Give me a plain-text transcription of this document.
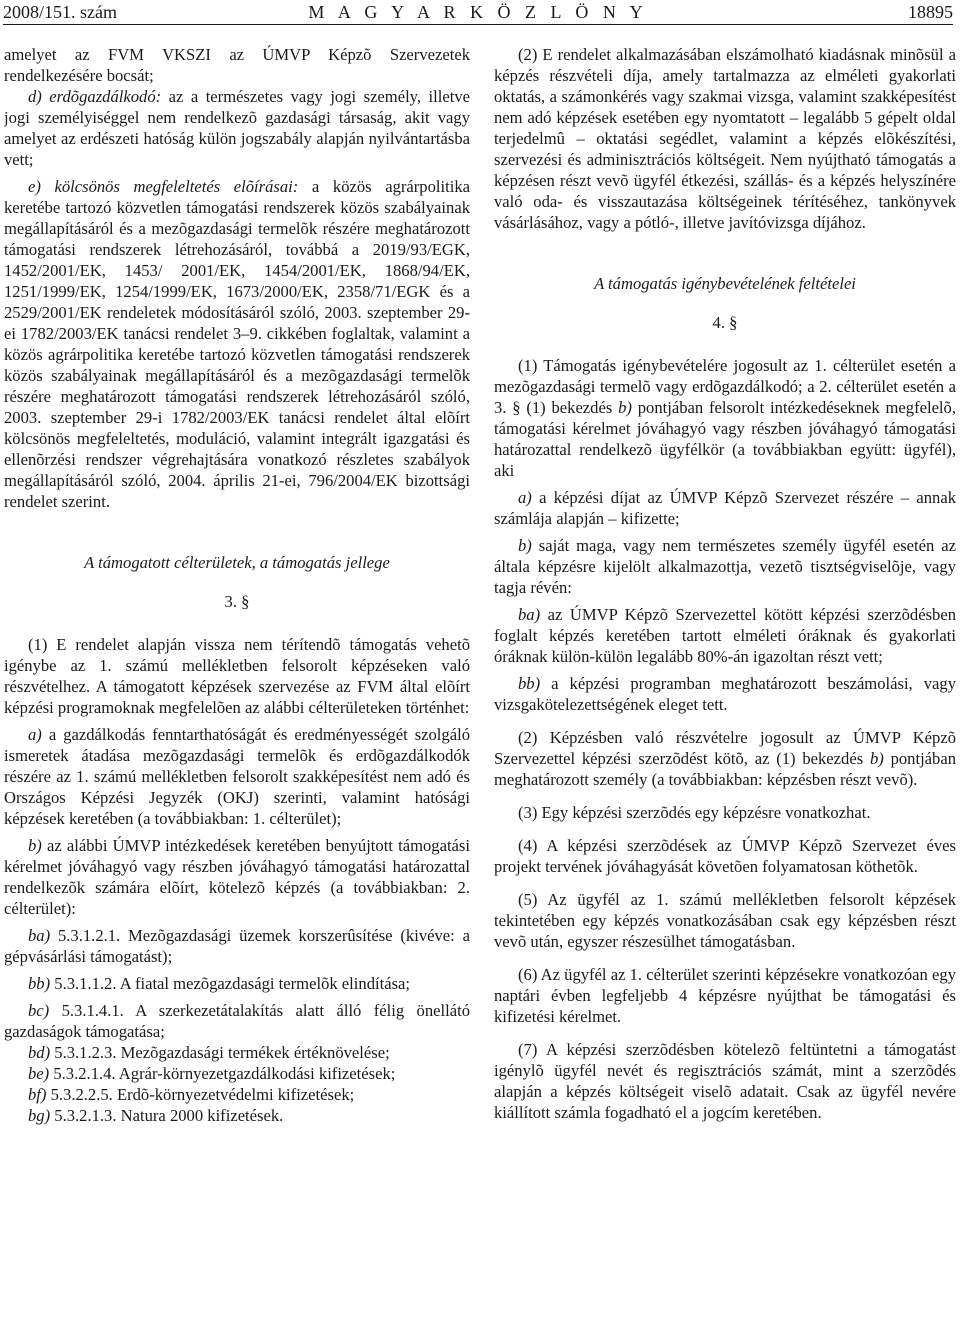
2008/151. szám	M A G Y A R K Ö Z L Ö N Y	18895

amelyet az FVM VKSZI az ÚMVP Képzõ Szervezetek rendelkezésére bocsát;

d) erdõgazdálkodó: az a természetes vagy jogi személy, illetve jogi személyiséggel nem rendelkezõ gazdasági társaság, akit vagy amelyet az erdészeti hatóság külön jogszabály alapján nyilvántartásba vett;

e) kölcsönös megfeleltetés elõírásai: a közös agrárpolitika keretébe tartozó közvetlen támogatási rendszerek közös szabályainak megállapításáról és a mezõgazdasági termelõk részére meghatározott támogatási rendszerek létrehozásáról, továbbá a 2019/93/EGK, 1452/2001/EK, 1453/ 2001/EK, 1454/2001/EK, 1868/94/EK, 1251/1999/EK, 1254/1999/EK, 1673/2000/EK, 2358/71/EGK és a 2529/2001/EK rendeletek módosításáról szóló, 2003. szeptember 29-ei 1782/2003/EK tanácsi rendelet 3–9. cikkében foglaltak, valamint a közös agrárpolitika keretébe tartozó közvetlen támogatási rendszerek közös szabályainak megállapításáról és a mezõgazdasági termelõk részére meghatározott támogatási rendszerek létrehozásáról szóló, 2003. szeptember 29-i 1782/2003/EK tanácsi rendelet által elõírt kölcsönös megfeleltetés, moduláció, valamint integrált igazgatási és ellenõrzési rendszer végrehajtására vonatkozó részletes szabályok megállapításáról szóló, 2004. április 21-ei, 796/2004/EK bizottsági rendelet szerint.

A támogatott célterületek, a támogatás jellege

3. §

(1) E rendelet alapján vissza nem térítendõ támogatás vehetõ igénybe az 1. számú mellékletben felsorolt képzéseken való részvételhez. A támogatott képzések szervezése az FVM által elõírt képzési programoknak megfelelõen az alábbi célterületeken történhet:

a) a gazdálkodás fenntarthatóságát és eredményességét szolgáló ismeretek átadása mezõgazdasági termelõk és erdõgazdálkodók részére az 1. számú mellékletben felsorolt szakképesítést nem adó és Országos Képzési Jegyzék (OKJ) szerinti, valamint hatósági képzések keretében (a továbbiakban: 1. célterület);

b) az alábbi ÚMVP intézkedések keretében benyújtott támogatási kérelmet jóváhagyó vagy részben jóváhagyó támogatási határozattal rendelkezõk számára elõírt, kötelezõ képzés (a továbbiakban: 2. célterület):

ba) 5.3.1.2.1. Mezõgazdasági üzemek korszerûsítése (kivéve: a gépvásárlási támogatást);

bb) 5.3.1.1.2. A fiatal mezõgazdasági termelõk elindítása;

bc) 5.3.1.4.1. A szerkezetátalakítás alatt álló félig önellátó gazdaságok támogatása;

bd) 5.3.1.2.3. Mezõgazdasági termékek értéknövelése;

be) 5.3.2.1.4. Agrár-környezetgazdálkodási kifizetések;

bf) 5.3.2.2.5. Erdõ-környezetvédelmi kifizetések;

bg) 5.3.2.1.3. Natura 2000 kifizetések.

(2) E rendelet alkalmazásában elszámolható kiadásnak minõsül a képzés részvételi díja, amely tartalmazza az elméleti gyakorlati oktatás, a számonkérés vagy szakmai vizsga, valamint szakképesítést nem adó képzések esetében egy nyomtatott – legalább 5 gépelt oldal terjedelmû – oktatási segédlet, valamint a képzés elõkészítési, szervezési és adminisztrációs költségeit. Nem nyújtható támogatás a képzésen részt vevõ ügyfél étkezési, szállás- és a képzés helyszínére való oda- és visszautazása költségeinek térítéséhez, tankönyvek vásárlásához, vagy a pótló-, illetve javítóvizsga díjához.

A támogatás igénybevételének feltételei

4. §

(1) Támogatás igénybevételére jogosult az 1. célterület esetén a mezõgazdasági termelõ vagy erdõgazdálkodó; a 2. célterület esetén a 3. § (1) bekezdés b) pontjában felsorolt intézkedéseknek megfelelõ, támogatási kérelmet jóváhagyó vagy részben jóváhagyó támogatási határozattal rendelkezõ ügyfélkör (a továbbiakban együtt: ügyfél), aki

a) a képzési díjat az ÚMVP Képzõ Szervezet részére – annak számlája alapján – kifizette;

b) saját maga, vagy nem természetes személy ügyfél esetén az általa képzésre kijelölt alkalmazottja, vezetõ tisztségviselõje, vagy tagja révén:

ba) az ÚMVP Képzõ Szervezettel kötött képzési szerzõdésben foglalt képzés keretében tartott elméleti óráknak és gyakorlati óráknak külön-külön legalább 80%-án igazoltan részt vett;

bb) a képzési programban meghatározott beszámolási, vagy vizsgakötelezettségének eleget tett.

(2) Képzésben való részvételre jogosult az ÚMVP Képzõ Szervezettel képzési szerzõdést kötõ, az (1) bekezdés b) pontjában meghatározott személy (a továbbiakban: képzésben részt vevõ).

(3) Egy képzési szerzõdés egy képzésre vonatkozhat.

(4) A képzési szerzõdések az ÚMVP Képzõ Szervezet éves projekt tervének jóváhagyását követõen folyamatosan köthetõk.

(5) Az ügyfél az 1. számú mellékletben felsorolt képzések tekintetében egy képzés vonatkozásában csak egy képzésben részt vevõ után, egyszer részesülhet támogatásban.

(6) Az ügyfél az 1. célterület szerinti képzésekre vonatkozóan egy naptári évben legfeljebb 4 képzésre nyújthat be támogatási és kifizetési kérelmet.

(7) A képzési szerzõdésben kötelezõ feltüntetni a támogatást igénylõ ügyfél nevét és regisztrációs számát, mint a szerzõdés alapján a képzés költségeit viselõ adatait. Csak az ügyfél nevére kiállított számla fogadható el a jogcím keretében.
